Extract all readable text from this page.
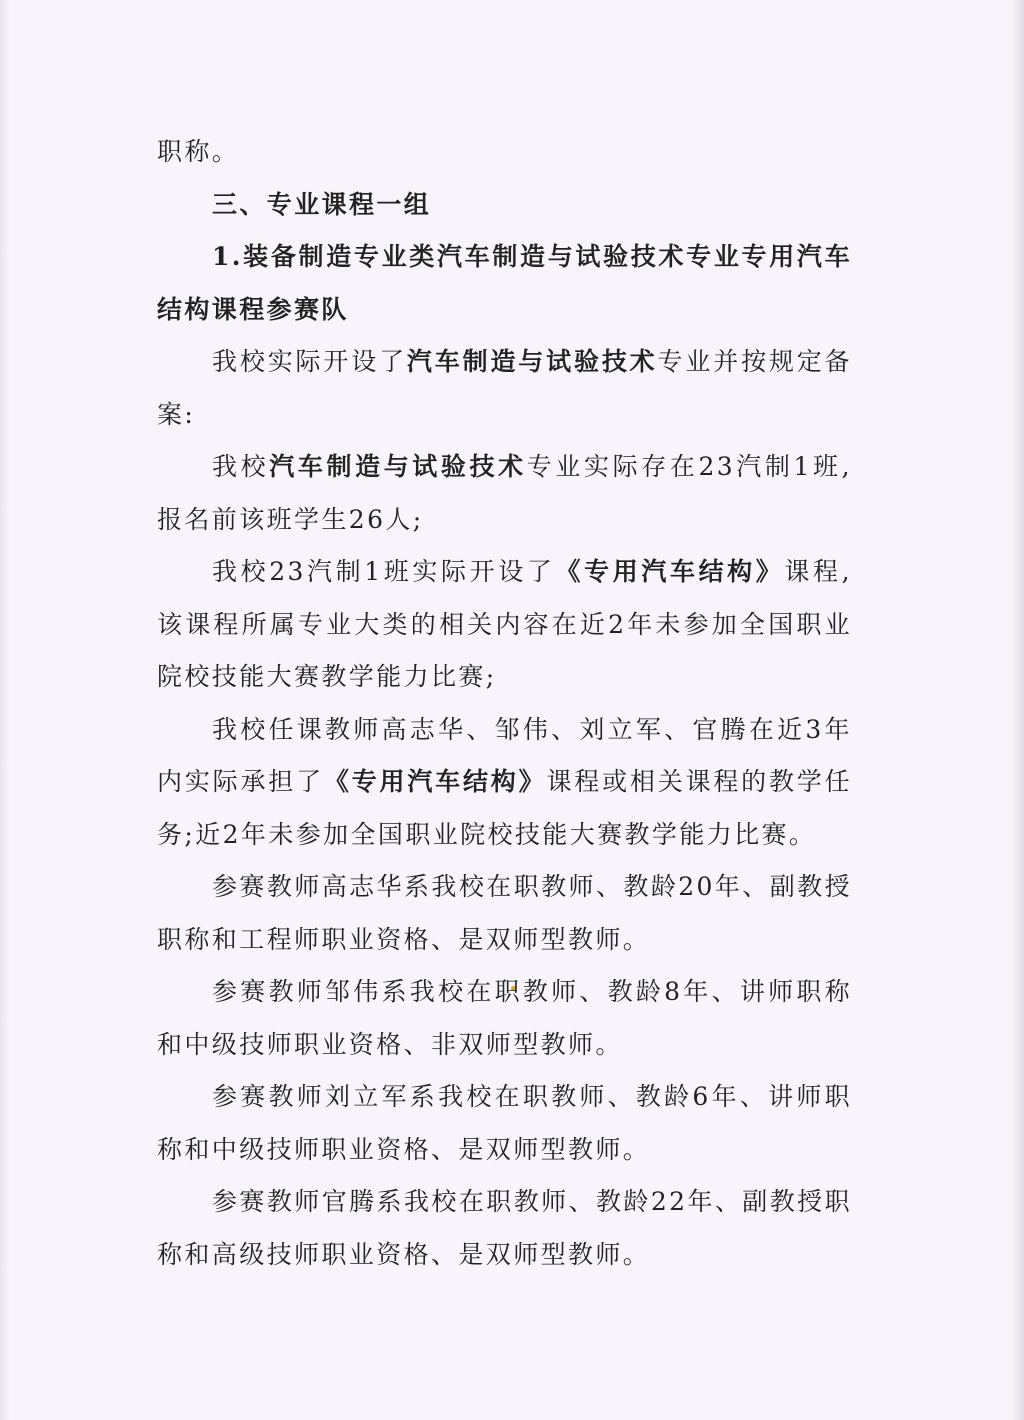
职称。

三、专业课程一组

1.装备制造专业类汽车制造与试验技术专业专用汽车结构课程参赛队

我校实际开设了汽车制造与试验技术专业并按规定备案:

我校汽车制造与试验技术专业实际存在23汽制1班,报名前该班学生26人;

我校23汽制1班实际开设了《专用汽车结构》课程,该课程所属专业大类的相关内容在近2年未参加全国职业院校技能大赛教学能力比赛;

我校任课教师高志华、邹伟、刘立军、官腾在近3年内实际承担了《专用汽车结构》课程或相关课程的教学任务;近2年未参加全国职业院校技能大赛教学能力比赛。

参赛教师高志华系我校在职教师、教龄20年、副教授职称和工程师职业资格、是双师型教师。

参赛教师邹伟系我校在职教师、教龄8年、讲师职称和中级技师职业资格、非双师型教师。

参赛教师刘立军系我校在职教师、教龄6年、讲师职称和中级技师职业资格、是双师型教师。

参赛教师官腾系我校在职教师、教龄22年、副教授职称和高级技师职业资格、是双师型教师。
